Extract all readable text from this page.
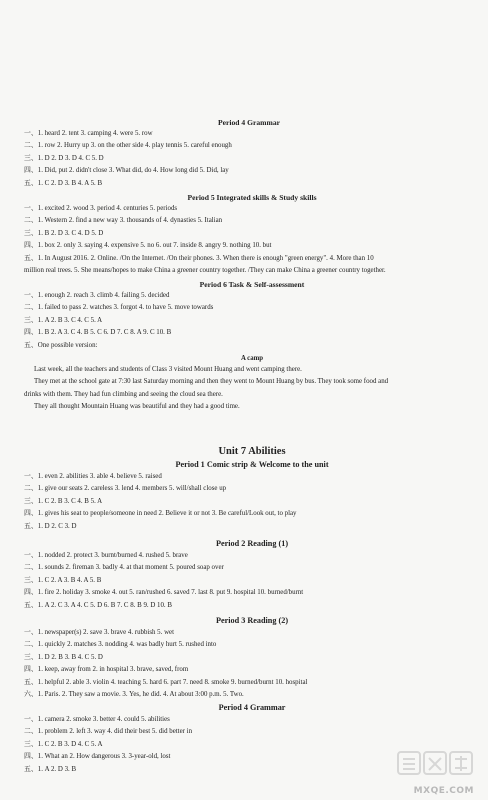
Period 4 Grammar

一、1. heard 2. tent 3. camping 4. were 5. row

二、1. row 2. Hurry up 3. on the other side 4. play tennis 5. careful enough

三、1. D 2. D 3. D 4. C 5. D

四、1. Did, put 2. didn't close 3. What did, do 4. How long did 5. Did, lay

五、1. C 2. D 3. B 4. A 5. B

Period 5 Integrated skills & Study skills

一、1. excited 2. wood 3. period 4. centuries 5. periods

二、1. Western 2. find a new way 3. thousands of 4. dynasties 5. Italian

三、1. B 2. D 3. C 4. D 5. D

四、1. box 2. only 3. saying 4. expensive 5. no 6. out 7. inside 8. angry 9. nothing 10. but

五、1. In August 2016. 2. Online. /On the Internet. /On their phones. 3. When there is enough "green energy". 4. More than 10

million real trees. 5. She means/hopes to make China a greener country together. /They can make China a greener country together.

Period 6 Task & Self-assessment

一、1. enough 2. reach 3. climb 4. failing 5. decided

二、1. failed to pass 2. watches 3. forgot 4. to have 5. move towards

三、1. A 2. B 3. C 4. C 5. A

四、1. B 2. A 3. C 4. B 5. C 6. D 7. C 8. A 9. C 10. B

五、One possible version:

A camp

Last week, all the teachers and students of Class 3 visited Mount Huang and went camping there.

They met at the school gate at 7:30 last Saturday morning and then they went to Mount Huang by bus. They took some food and

drinks with them. They had fun climbing and seeing the cloud sea there.

They all thought Mountain Huang was beautiful and they had a good time.

Unit 7 Abilities

Period 1 Comic strip & Welcome to the unit

一、1. even 2. abilities 3. able 4. believe 5. raised

二、1. give our seats 2. careless 3. lend 4. members 5. will/shall close up

三、1. C 2. B 3. C 4. B 5. A

四、1. gives his seat to people/someone in need 2. Believe it or not 3. Be careful/Look out, to play

五、1. D 2. C 3. D

Period 2 Reading (1)

一、1. nodded 2. protect 3. burnt/burned 4. rushed 5. brave

二、1. sounds 2. fireman 3. badly 4. at that moment 5. poured soap over

三、1. C 2. A 3. B 4. A 5. B

四、1. fire 2. holiday 3. smoke 4. out 5. ran/rushed 6. saved 7. last 8. put 9. hospital 10. burned/burnt

五、1. A 2. C 3. A 4. C 5. D 6. B 7. C 8. B 9. D 10. B

Period 3 Reading (2)

一、1. newspaper(s) 2. save 3. brave 4. rubbish 5. wet

二、1. quickly 2. matches 3. nodding 4. was badly hurt 5. rushed into

三、1. D 2. B 3. B 4. C 5. D

四、1. keep, away from 2. in hospital 3. brave, saved, from

五、1. helpful 2. able 3. violin 4. teaching 5. hard 6. part 7. need 8. smoke 9. burned/burnt 10. hospital

六、1. Paris. 2. They saw a movie. 3. Yes, he did. 4. At about 3:00 p.m. 5. Two.

Period 4 Grammar

一、1. camera 2. smoke 3. better 4. could 5. abilities

二、1. problem 2. left 3. way 4. did their best 5. did better in

三、1. C 2. B 3. D 4. C 5. A

四、1. What an 2. How dangerous 3. 3-year-old, lost

五、1. A 2. D 3. B

MXQE.COM
